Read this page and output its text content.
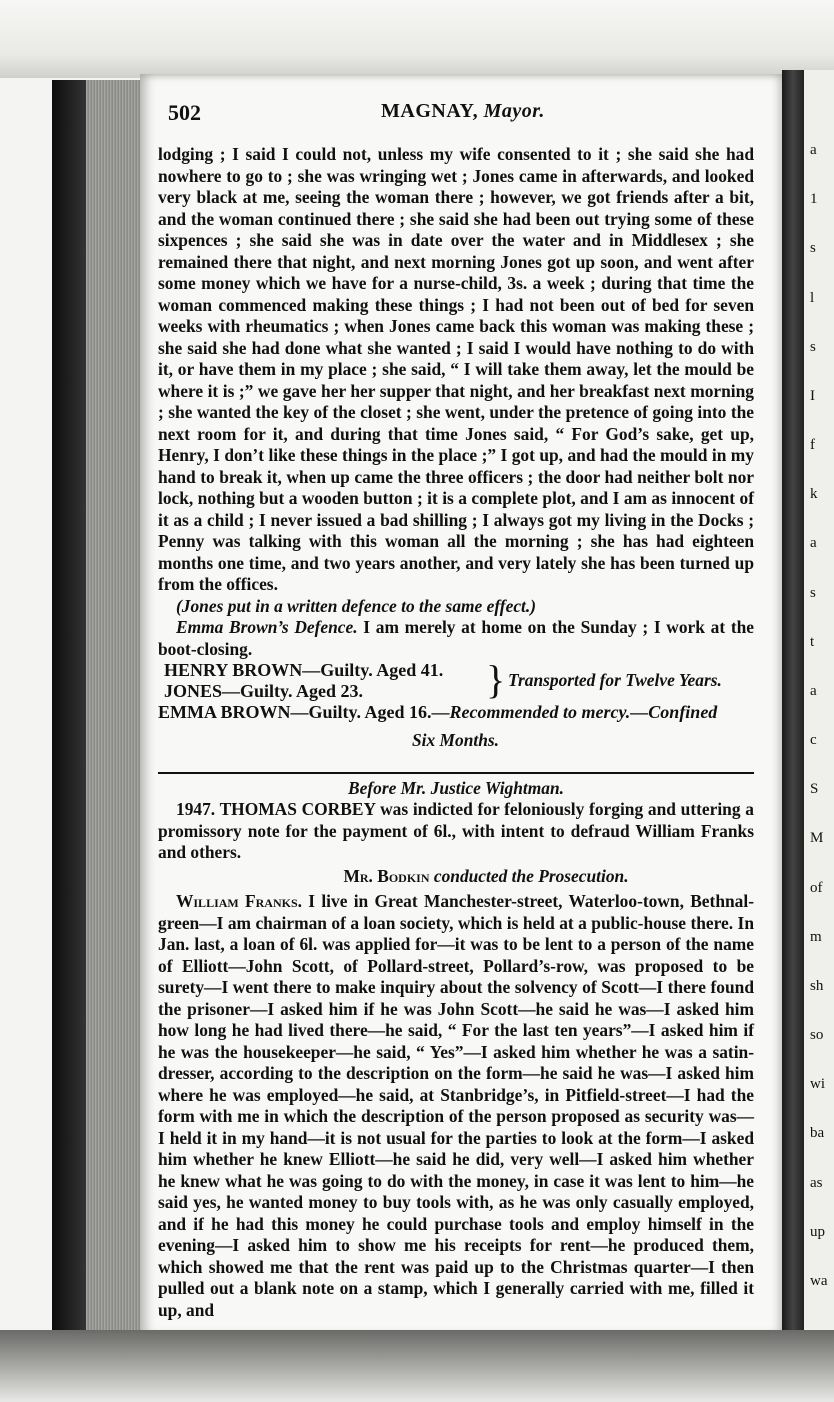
a
1
s
l
s
I
f
k
a
s
t
a
c
S
M
of
m
sh
so
wi
ba
as
up
wa
502	MAGNAY, Mayor.

lodging ; I said I could not, unless my wife consented to it ; she said she had nowhere to go to ; she was wringing wet ; Jones came in afterwards, and looked very black at me, seeing the woman there ; however, we got friends after a bit, and the woman continued there ; she said she had been out trying some of these sixpences ; she said she was in date over the water and in Middlesex ; she remained there that night, and next morning Jones got up soon, and went after some money which we have for a nurse-child, 3s. a week ; during that time the woman commenced making these things ; I had not been out of bed for seven weeks with rheumatics ; when Jones came back this woman was making these ; she said she had done what she wanted ; I said I would have nothing to do with it, or have them in my place ; she said, “ I will take them away, let the mould be where it is ;” we gave her her supper that night, and her breakfast next morning ; she wanted the key of the closet ; she went, under the pretence of going into the next room for it, and during that time Jones said, “ For God’s sake, get up, Henry, I don’t like these things in the place ;” I got up, and had the mould in my hand to break it, when up came the three officers ; the door had neither bolt nor lock, nothing but a wooden button ; it is a complete plot, and I am as innocent of it as a child ; I never issued a bad shilling ; I always got my living in the Docks ; Penny was talking with this woman all the morning ; she has had eighteen months one time, and two years another, and very lately she has been turned up from the offices.

(Jones put in a written defence to the same effect.)

Emma Brown’s Defence. I am merely at home on the Sunday ; I work at the boot-closing.

HENRY BROWN—Guilty. Aged 41.
JONES—Guilty. Aged 23.	} Transported for Twelve Years.
EMMA BROWN—Guilty. Aged 16.—Recommended to mercy.—Confined

Six Months.

Before Mr. Justice Wightman.

1947. THOMAS CORBEY was indicted for feloniously forging and uttering a promissory note for the payment of 6l., with intent to defraud William Franks and others.

Mr. Bodkin conducted the Prosecution.

William Franks. I live in Great Manchester-street, Waterloo-town, Bethnal-green—I am chairman of a loan society, which is held at a public-house there. In Jan. last, a loan of 6l. was applied for—it was to be lent to a person of the name of Elliott—John Scott, of Pollard-street, Pollard’s-row, was proposed to be surety—I went there to make inquiry about the solvency of Scott—I there found the prisoner—I asked him if he was John Scott—he said he was—I asked him how long he had lived there—he said, “ For the last ten years”—I asked him if he was the housekeeper—he said, “ Yes”—I asked him whether he was a satin-dresser, according to the description on the form—he said he was—I asked him where he was employed—he said, at Stanbridge’s, in Pitfield-street—I had the form with me in which the description of the person proposed as security was—I held it in my hand—it is not usual for the parties to look at the form—I asked him whether he knew Elliott—he said he did, very well—I asked him whether he knew what he was going to do with the money, in case it was lent to him—he said yes, he wanted money to buy tools with, as he was only casually employed, and if he had this money he could purchase tools and employ himself in the evening—I asked him to show me his receipts for rent—he produced them, which showed me that the rent was paid up to the Christmas quarter—I then pulled out a blank note on a stamp, which I generally carried with me, filled it up, and
